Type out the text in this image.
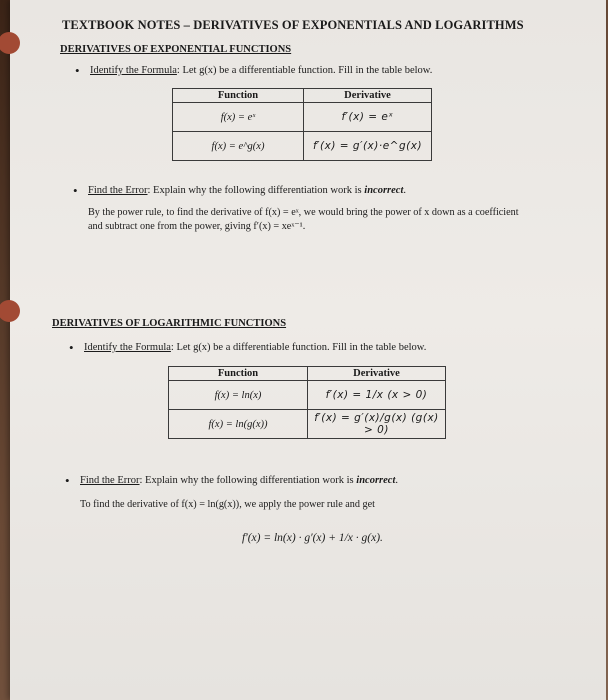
TEXTBOOK NOTES – DERIVATIVES OF EXPONENTIALS AND LOGARITHMS
DERIVATIVES OF EXPONENTIAL FUNCTIONS
• Identify the Formula: Let g(x) be a differentiable function. Fill in the table below.
Function	Derivative
f(x) = eˣ	f′(x) = eˣ
f(x) = e^g(x)	f′(x) = g′(x)·e^g(x)
• Find the Error: Explain why the following differentiation work is incorrect.
By the power rule, to find the derivative of f(x) = eˣ, we would bring the power of x down as a coefficient and subtract one from the power, giving f′(x) = xeˣ⁻¹.
DERIVATIVES OF LOGARITHMIC FUNCTIONS
• Identify the Formula: Let g(x) be a differentiable function. Fill in the table below.
Function	Derivative
f(x) = ln(x)	f′(x) = 1/x (x > 0)
f(x) = ln(g(x))	f′(x) = g′(x)/g(x) (g(x) > 0)
• Find the Error: Explain why the following differentiation work is incorrect.
To find the derivative of f(x) = ln(g(x)), we apply the power rule and get
f′(x) = ln(x) · g′(x) + 1/x · g(x).
